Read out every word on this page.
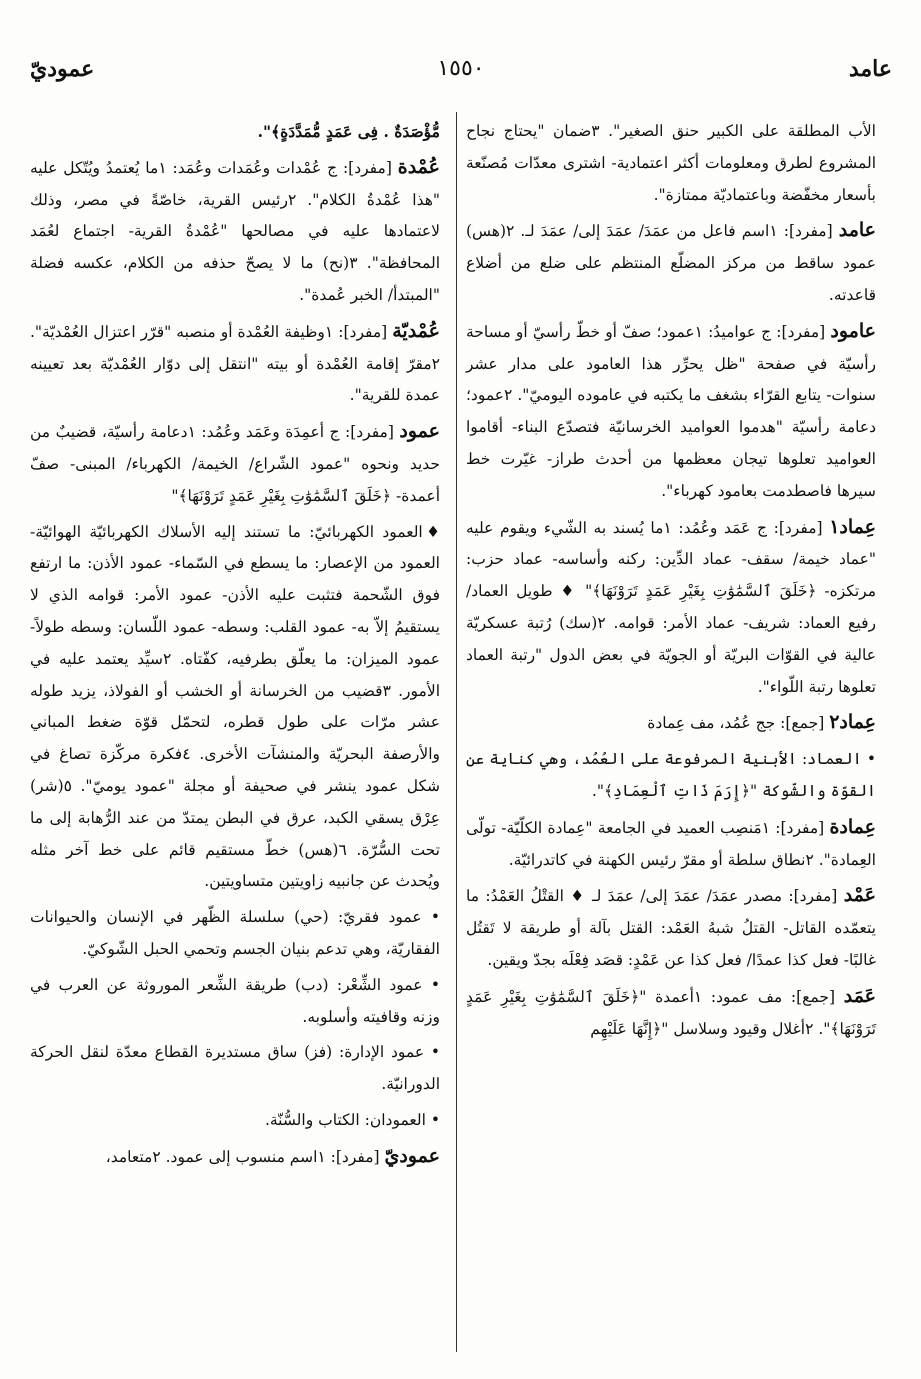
عامد
١٥٥٠
عموديّ

الأب المطلقة على الكبير حنق الصغير". ٣ضمان "يحتاج نجاح المشروع لطرق ومعلومات أكثر اعتمادية- اشترى معدّات مُصنّعة بأسعار مخفّضة وباعتماديّة ممتازة".

عامد [مفرد]: ١اسم فاعل من عمَدَ/ عمَدَ إلى/ عمَدَ لـ. ٢(هس) عمود ساقط من مركز المضلّع المنتظم على ضلع من أضلاع قاعدته.

عامود [مفرد]: ج عواميدُ: ١عمود؛ صفّ أو خطّ رأسيّ أو مساحة رأسيّة في صفحة "ظل يحرِّر هذا العامود على مدار عشر سنوات- يتابع القرّاء بشغف ما يكتبه في عاموده اليوميّ". ٢عمود؛ دعامة رأسيّة "هدموا العواميد الخرسانيّة فتصدّع البناء- أقاموا العواميد تعلوها تيجان معظمها من أحدث طراز- غيّرت خط سيرها فاصطدمت بعامود كهرباء".

عِماد١ [مفرد]: ج عَمَد وعُمُد: ١ما يُسند به الشّيء ويقوم عليه "عماد خيمة/ سقف- عماد الدِّين: ركنه وأساسه- عماد حزب: مرتكزه- ﴿خَلَقَ ٱلسَّمَٰوَٰتِ بِغَيْرِ عَمَدٍ تَرَوْنَهَا﴾" ♦ طويل العماد/ رفيع العماد: شريف- عماد الأمر: قوامه. ٢(سك) رُتبة عسكريّة عالية في القوّات البريّة أو الجويّة في بعض الدول "رتبة العماد تعلوها رتبة اللّواء".

عِماد٢ [جمع]: جج عُمُد، مف عِمادة

• العماد: الأبنية المرفوعة على العُمُد، وهي كناية عن القوّة والشّوكة "﴿إِرَمَ ذَاتِ ٱلْعِمَادِ﴾".

عِمادة [مفرد]: ١مَنصِب العميد في الجامعة "عِمادة الكلّيّة- تولّى العِمادة". ٢نطاق سلطة أو مقرّ رئيس الكهنة في كاتدرائيّة.

عَمْد [مفرد]: مصدر عمَدَ/ عمَدَ إلى/ عمَدَ لـ ♦ القتْلُ العَمْدُ: ما يتعمّده القاتل- القتلُ شبهُ العَمْد: القتل بآلة أو طريقة لا تَقتُل غالبًا- فعل كذا عمدًا/ فعل كذا عن عَمْدٍ: قصَد فِعْلَه بجدّ ويقين.

عَمَد [جمع]: مف عمود: ١أعمدة "﴿خَلَقَ ٱلسَّمَٰوَٰتِ بِغَيْرِ عَمَدٍ تَرَوْنَهَا﴾". ٢أغلال وقيود وسلاسل "﴿إِنَّهَا عَلَيْهِم

مُّؤْصَدَةٌ . فِى عَمَدٍ مُّمَدَّدَةٍ﴾".

عُمْدة [مفرد]: ج عُمْدات وعُمَدات وعُمَد: ١ما يُعتمدُ ويُتّكل عليه "هذا عُمْدةُ الكلام". ٢رئيس القرية، خاصّةً في مصر، وذلك لاعتمادها عليه في مصالحها "عُمْدةُ القرية- اجتماع لعُمَد المحافظة". ٣(نح) ما لا يصحّ حذفه من الكلام، عكسه فضلة "المبتدأ/ الخبر عُمدة".

عُمْديّة [مفرد]: ١وظيفة العُمْدة أو منصبه "قرّر اعتزال العُمْديّة". ٢مقرّ إقامة العُمْدة أو بيته "انتقل إلى دوّار العُمْديّة بعد تعيينه عمدة للقرية".

عمود [مفرد]: ج أعمِدَة وعَمَد وعُمُد: ١دعامة رأسيّة، قضيبٌ من حديد ونحوه "عمود الشّراع/ الخيمة/ الكهرباء/ المبنى- صفّ أعمدة- ﴿خَلَقَ ٱلسَّمَٰوَٰتِ بِغَيْرِ عَمَدٍ تَرَوْنَهَا﴾"

♦العمود الكهربائيّ: ما تستند إليه الأسلاك الكهربائيّة الهوائيّة- العمود من الإعصار: ما يسطع في السّماء- عمود الأذن: ما ارتفع فوق الشّحمة فتثبت عليه الأذن- عمود الأمر: قوامه الذي لا يستقيمُ إلاّ به- عمود القلب: وسطه- عمود اللّسان: وسطه طولاً- عمود الميزان: ما يعلّق بطرفيه، كفّتاه. ٢سيِّد يعتمد عليه في الأمور. ٣قضيب من الخرسانة أو الخشب أو الفولاذ، يزيد طوله عشر مرّات على طول قطره، لتحمّل قوّة ضغط المباني والأرصفة البحريّة والمنشآت الأخرى. ٤فكرة مركّزة تصاغ في شكل عمود ينشر في صحيفة أو مجلة "عمود يوميّ". ٥(شر) عِرْق يسقي الكبد، عرق في البطن يمتدّ من عند الرُّهابة إلى ما تحت السُّرّة. ٦(هس) خطّ مستقيم قائم على خط آخر مثله ويُحدث عن جانبيه زاويتين متساويتين.

• عمود فقريّ: (حي) سلسلة الظّهر في الإنسان والحيوانات الفقاريّة، وهي تدعم بنيان الجسم وتحمي الحبل الشّوكيّ.

• عمود الشِّعْر: (دب) طريقة الشِّعر الموروثة عن العرب في وزنه وقافيته وأسلوبه.

• عمود الإدارة: (فز) ساق مستديرة القطاع معدّة لنقل الحركة الدورانيّة.

• العمودان: الكتاب والسُّنّة.

عموديّ [مفرد]: ١اسم منسوب إلى عمود. ٢متعامد،
